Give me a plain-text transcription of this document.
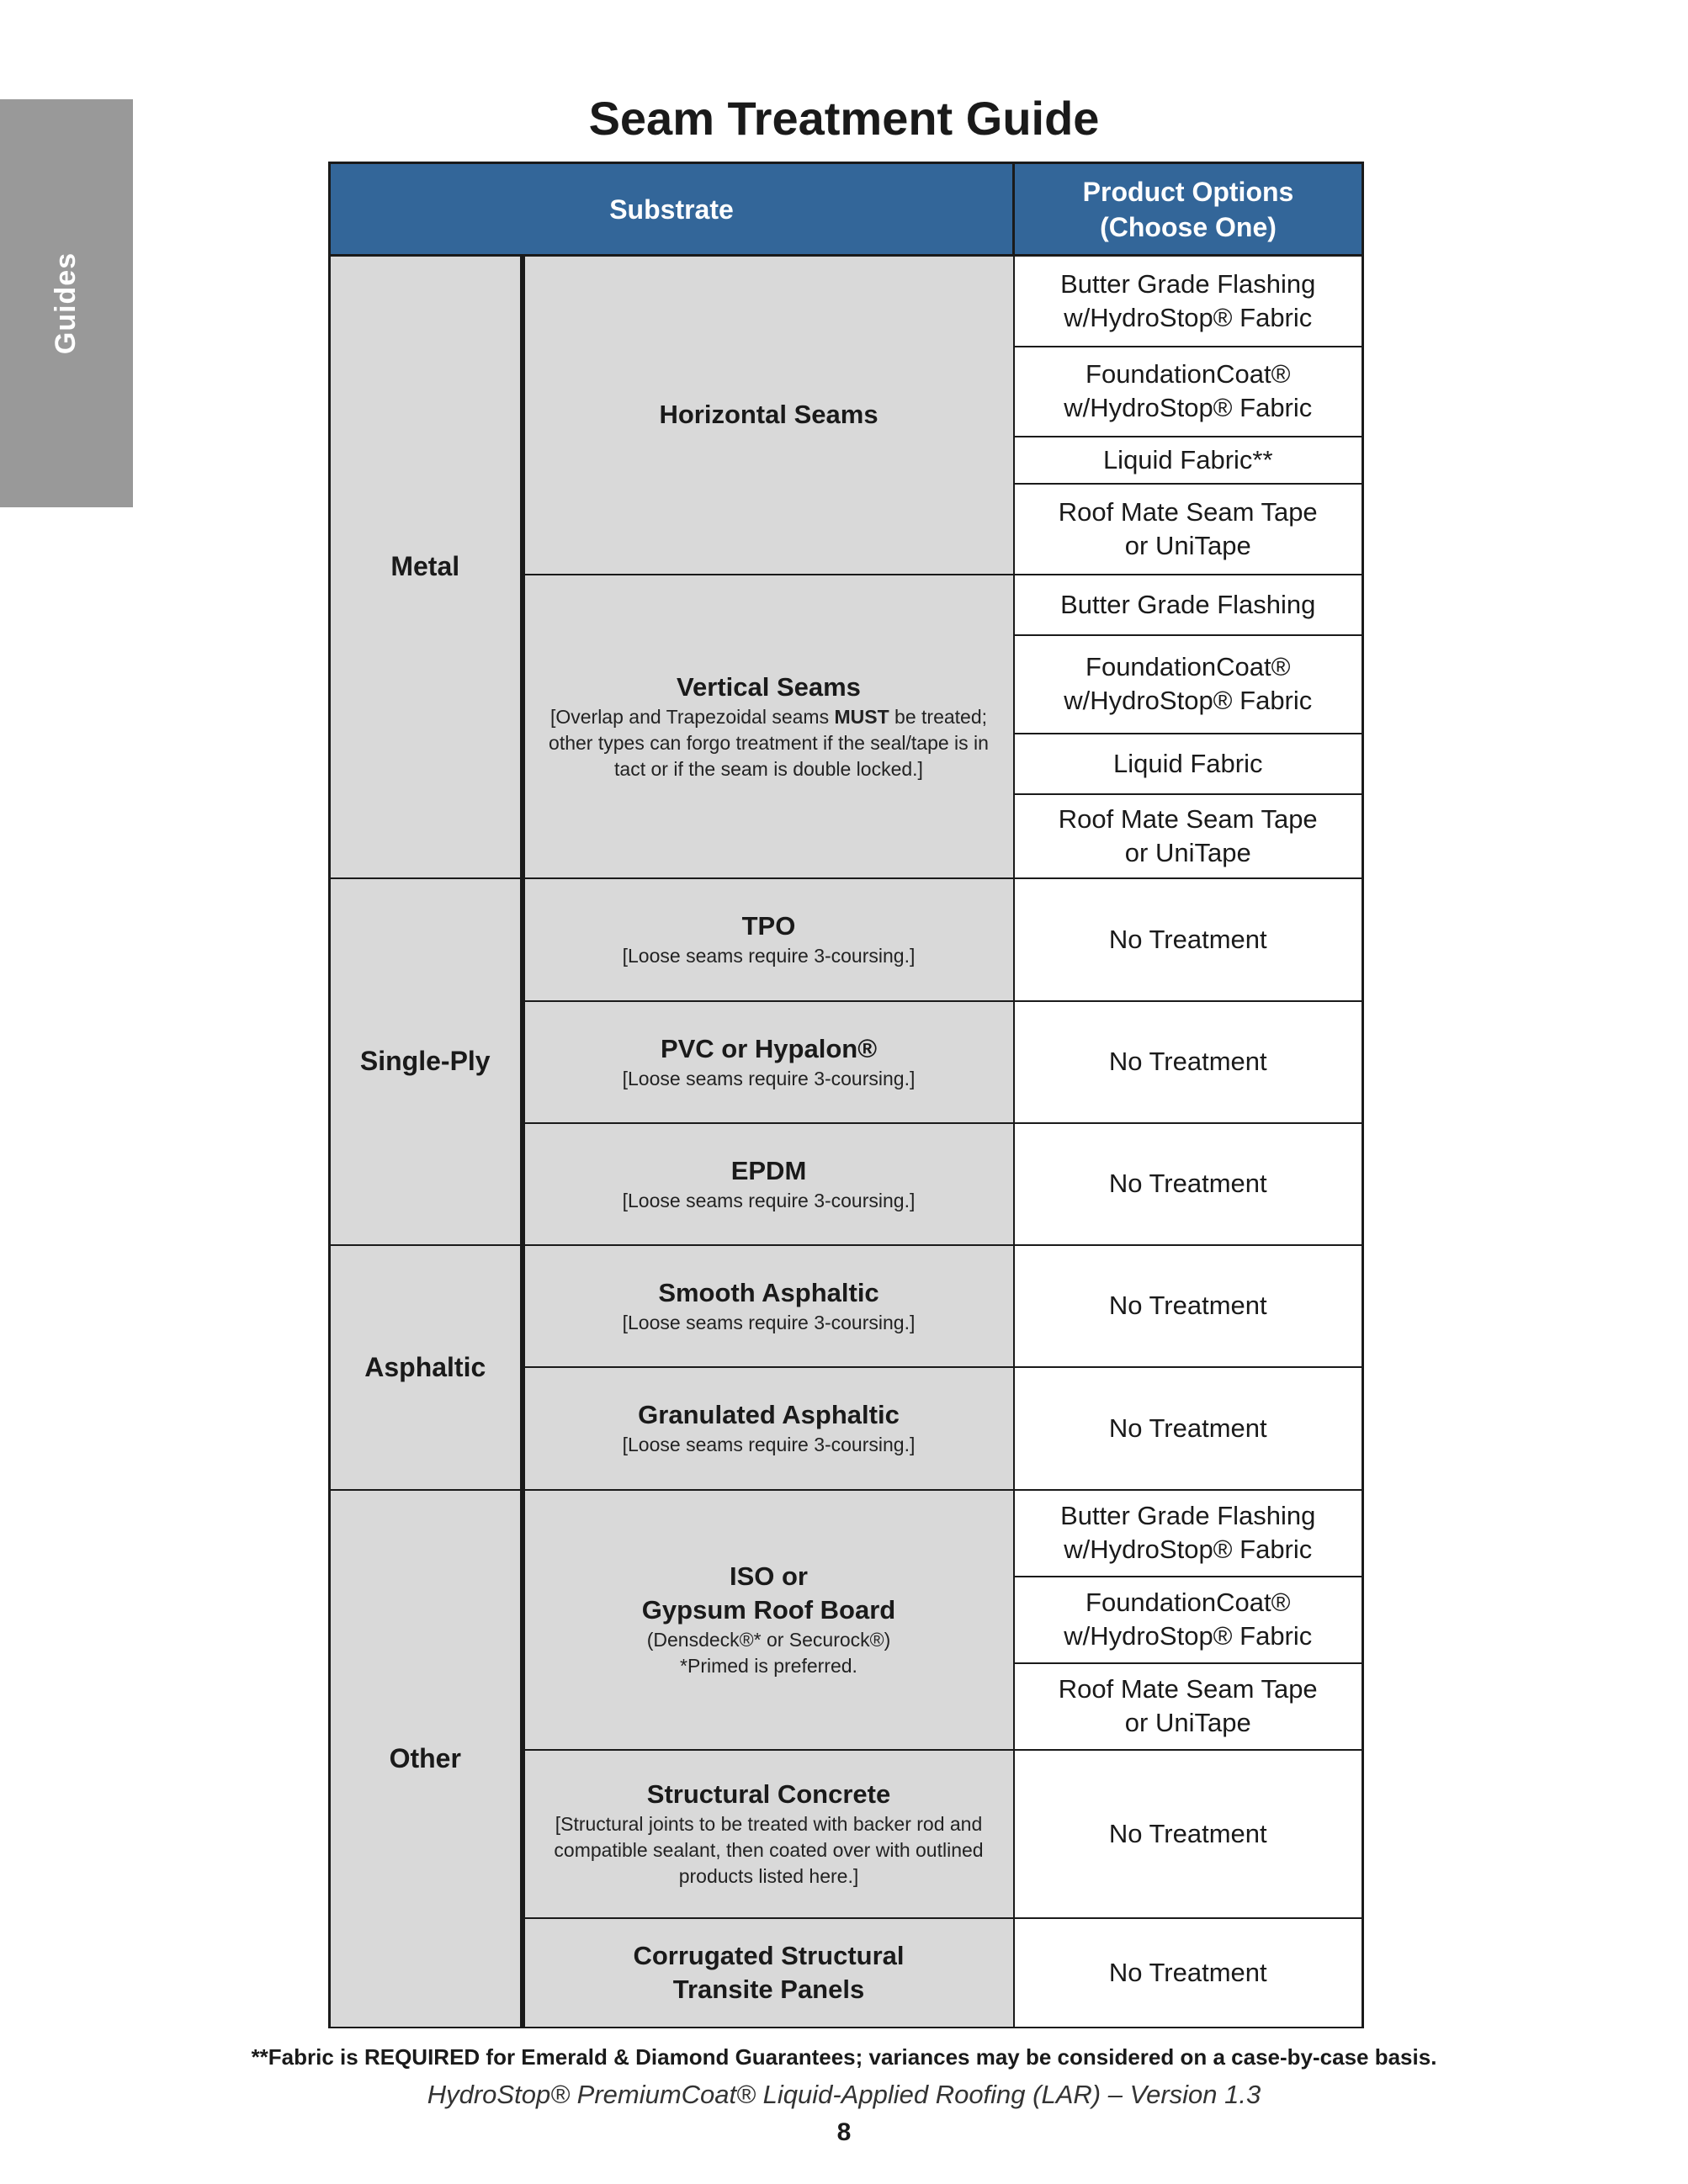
Guides
Seam Treatment Guide
Substrate		Product Options
(Choose One)
Metal	Horizontal Seams	Butter Grade Flashing
w/HydroStop® Fabric
		FoundationCoat®
w/HydroStop® Fabric
		Liquid Fabric**
		Roof Mate Seam Tape
or UniTape

	Vertical Seams
[Overlap and Trapezoidal seams MUST be treated; other types can forgo treatment if the seal/tape is in tact or if the seam is double locked.]	Butter Grade Flashing
		FoundationCoat®
w/HydroStop® Fabric
		Liquid Fabric
		Roof Mate Seam Tape
or UniTape
Single-Ply	TPO
[Loose seams require 3-coursing.]	No Treatment

	PVC or Hypalon®
[Loose seams require 3-coursing.]	No Treatment

	EPDM
[Loose seams require 3-coursing.]	No Treatment
Asphaltic	Smooth Asphaltic
[Loose seams require 3-coursing.]	No Treatment

	Granulated Asphaltic
[Loose seams require 3-coursing.]	No Treatment
Other	ISO or
Gypsum Roof Board
(Densdeck®* or Securock®)
*Primed is preferred.	Butter Grade Flashing
w/HydroStop® Fabric
		FoundationCoat®
w/HydroStop® Fabric
		Roof Mate Seam Tape
or UniTape

	Structural Concrete
[Structural joints to be treated with backer rod and compatible sealant, then coated over with outlined products listed here.]	No Treatment

	Corrugated Structural
Transite Panels	No Treatment
**Fabric is REQUIRED for Emerald & Diamond Guarantees; variances may be considered on a case-by-case basis.
HydroStop® PremiumCoat® Liquid-Applied Roofing (LAR) – Version 1.3
8
